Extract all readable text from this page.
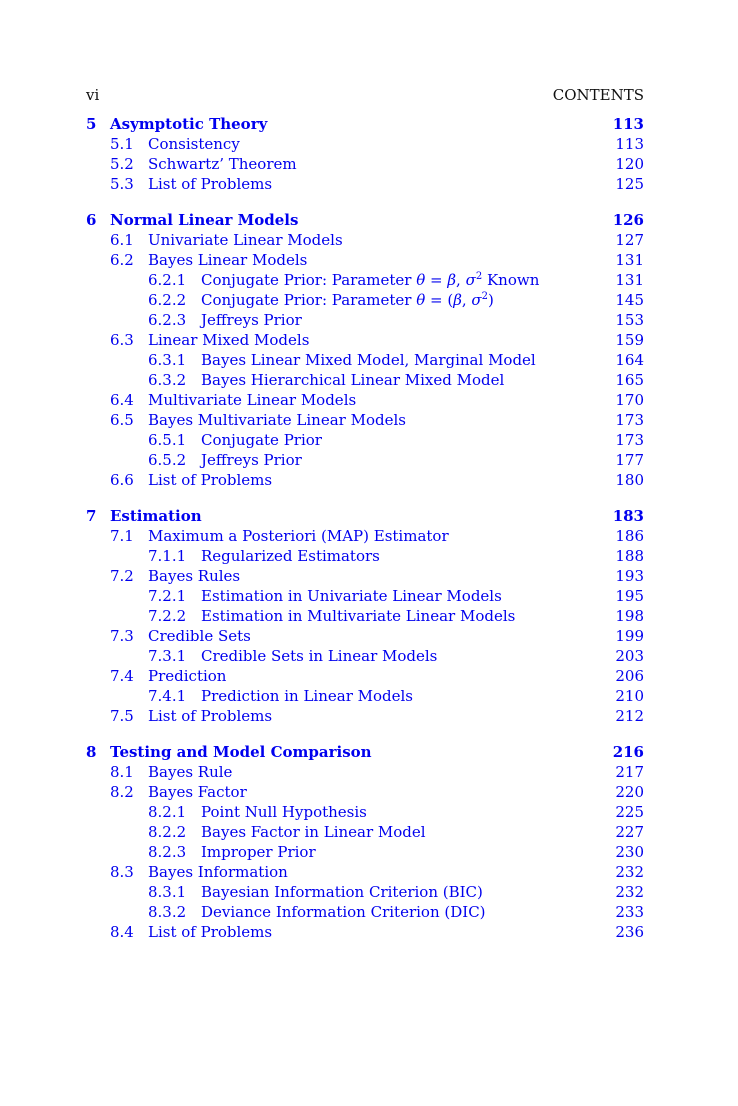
vi	CONTENTS
5 Asymptotic Theory	113
5.1 Consistency	113
5.2 Schwartz’ Theorem	120
5.3 List of Problems	125
6 Normal Linear Models	126
6.1 Univariate Linear Models	127
6.2 Bayes Linear Models	131
6.2.1 Conjugate Prior: Parameter θ = β, $\sigma^2$ Known	131
6.2.2 Conjugate Prior: Parameter θ = (β, $\sigma^2$)	145
6.2.3 Jeffreys Prior	153
6.3 Linear Mixed Models	159
6.3.1 Bayes Linear Mixed Model, Marginal Model	164
6.3.2 Bayes Hierarchical Linear Mixed Model	165
6.4 Multivariate Linear Models	170
6.5 Bayes Multivariate Linear Models	173
6.5.1 Conjugate Prior	173
6.5.2 Jeffreys Prior	177
6.6 List of Problems	180
7 Estimation	183
7.1 Maximum a Posteriori (MAP) Estimator	186
7.1.1 Regularized Estimators	188
7.2 Bayes Rules	193
7.2.1 Estimation in Univariate Linear Models	195
7.2.2 Estimation in Multivariate Linear Models	198
7.3 Credible Sets	199
7.3.1 Credible Sets in Linear Models	203
7.4 Prediction	206
7.4.1 Prediction in Linear Models	210
7.5 List of Problems	212
8 Testing and Model Comparison	216
8.1 Bayes Rule	217
8.2 Bayes Factor	220
8.2.1 Point Null Hypothesis	225
8.2.2 Bayes Factor in Linear Model	227
8.2.3 Improper Prior	230
8.3 Bayes Information	232
8.3.1 Bayesian Information Criterion (BIC)	232
8.3.2 Deviance Information Criterion (DIC)	233
8.4 List of Problems	236
